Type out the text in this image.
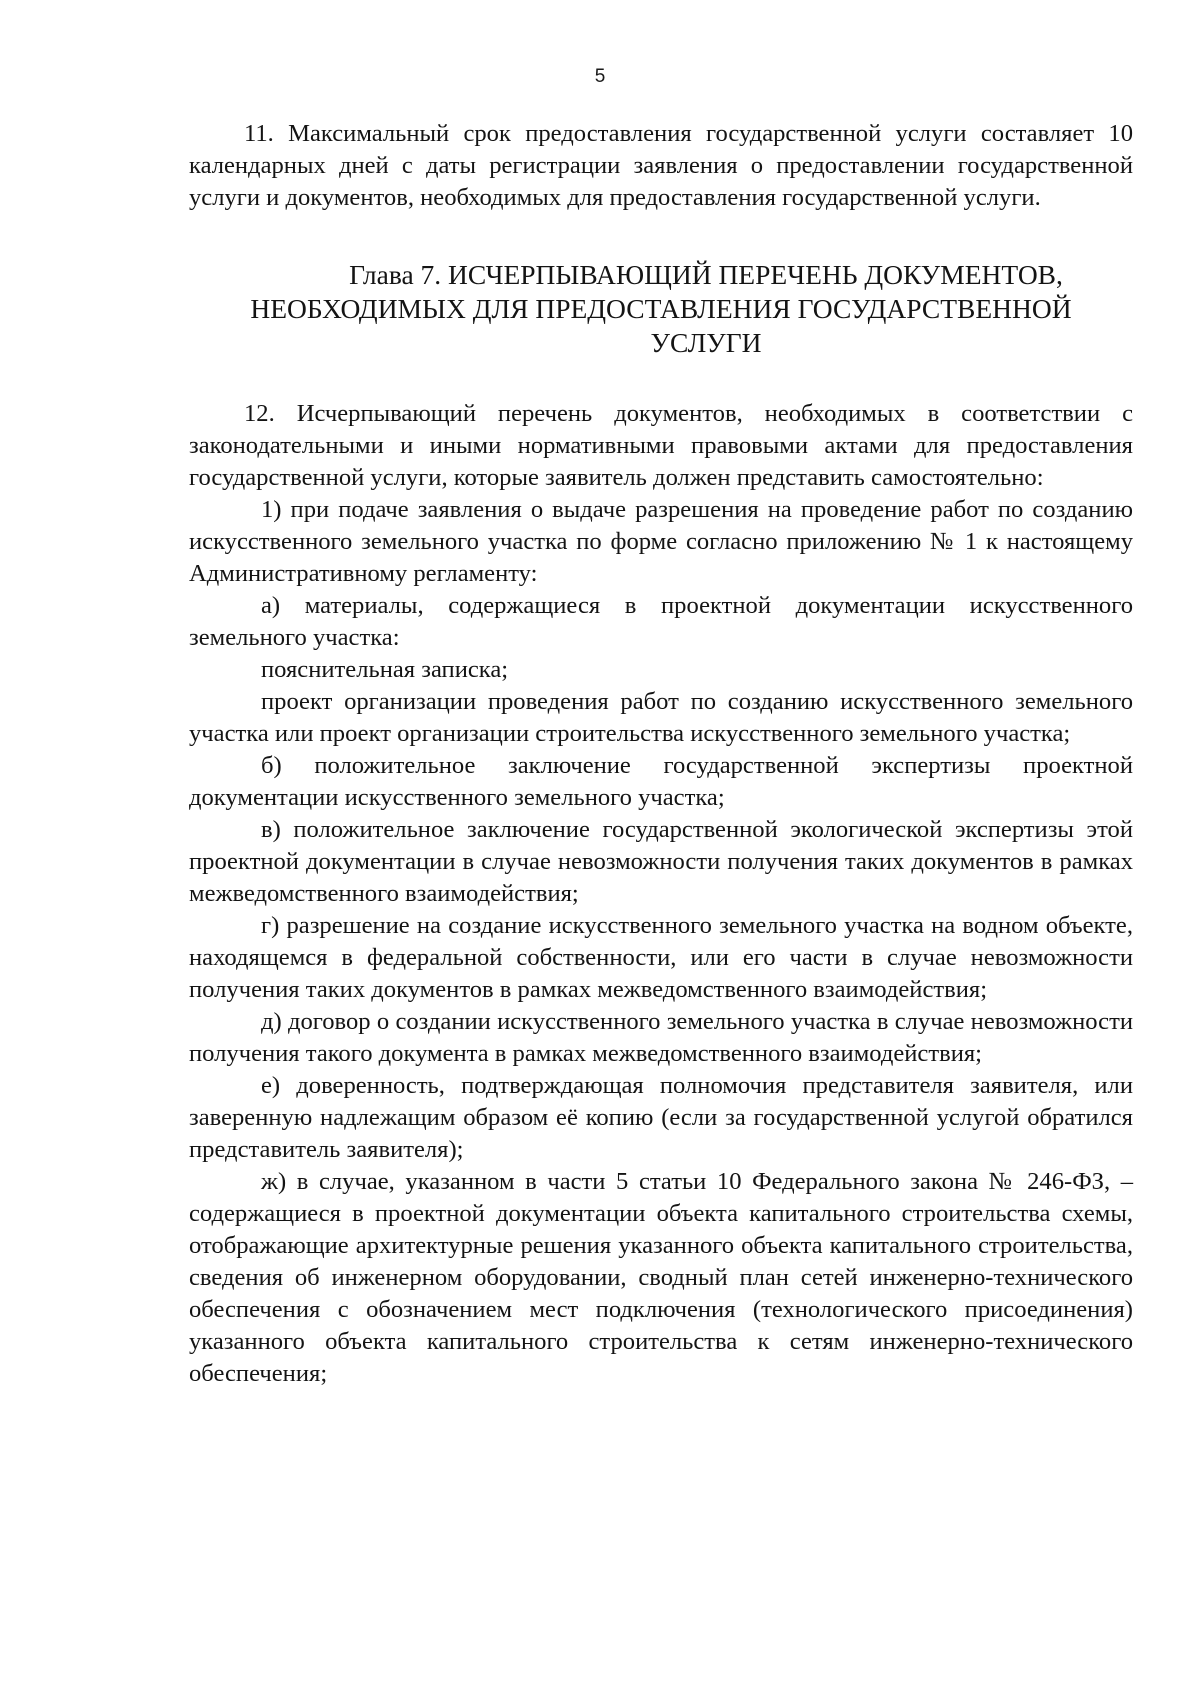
5

11. Максимальный срок предоставления государственной услуги составляет 10 календарных дней с даты регистрации заявления о предоставлении государственной услуги и документов, необходимых для предоставления государственной услуги.

Глава 7. ИСЧЕРПЫВАЮЩИЙ ПЕРЕЧЕНЬ ДОКУМЕНТОВ,
НЕОБХОДИМЫХ ДЛЯ ПРЕДОСТАВЛЕНИЯ ГОСУДАРСТВЕННОЙ
УСЛУГИ

12. Исчерпывающий перечень документов, необходимых в соответствии с законодательными и иными нормативными правовыми актами для предоставления государственной услуги, которые заявитель должен представить самостоятельно:

1) при подаче заявления о выдаче разрешения на проведение работ по созданию искусственного земельного участка по форме согласно приложению № 1 к настоящему Административному регламенту:

а) материалы, содержащиеся в проектной документации искусственного земельного участка:

пояснительная записка;

проект организации проведения работ по созданию искусственного земельного участка или проект организации строительства искусственного земельного участка;

б) положительное заключение государственной экспертизы проектной документации искусственного земельного участка;

в) положительное заключение государственной экологической экспертизы этой проектной документации в случае невозможности получения таких документов в рамках межведомственного взаимодействия;

г) разрешение на создание искусственного земельного участка на водном объекте, находящемся в федеральной собственности, или его части в случае невозможности получения таких документов в рамках межведомственного взаимодействия;

д) договор о создании искусственного земельного участка в случае невозможности получения такого документа в рамках межведомственного взаимодействия;

е) доверенность, подтверждающая полномочия представителя заявителя, или заверенную надлежащим образом её копию (если за государственной услугой обратился представитель заявителя);

ж) в случае, указанном в части 5 статьи 10 Федерального закона № 246-ФЗ, – содержащиеся в проектной документации объекта капитального строительства схемы, отображающие архитектурные решения указанного объекта капитального строительства, сведения об инженерном оборудовании, сводный план сетей инженерно-технического обеспечения с обозначением мест подключения (технологического присоединения) указанного объекта капитального строительства к сетям инженерно-технического обеспечения;
